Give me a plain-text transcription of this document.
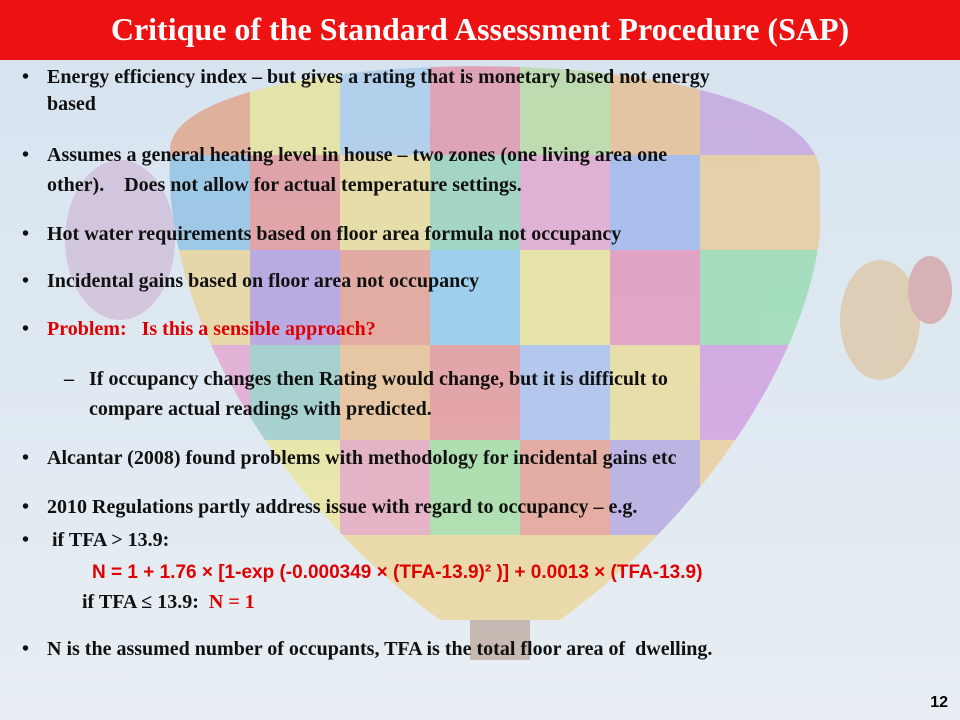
Critique of the Standard Assessment Procedure (SAP)
• Energy efficiency index – but gives a rating that is monetary based not energy

based

• Assumes a general heating level in house – two zones (one living area one

other).    Does not allow for actual temperature settings.

• Hot water requirements based on floor area formula not occupancy

• Incidental gains based on floor area not occupancy

• Problem:   Is this a sensible approach?

– If occupancy changes then Rating would change, but it is difficult to

compare actual readings with predicted.

• Alcantar (2008) found problems with methodology for incidental gains etc

• 2010 Regulations partly address issue with regard to occupancy – e.g.

• if TFA > 13.9:

N = 1 + 1.76 × [1-exp (-0.000349 × (TFA-13.9)² )] + 0.0013 × (TFA-13.9)

if TFA ≤ 13.9:  N = 1

• N is the assumed number of occupants, TFA is the total floor area of  dwelling.

12
